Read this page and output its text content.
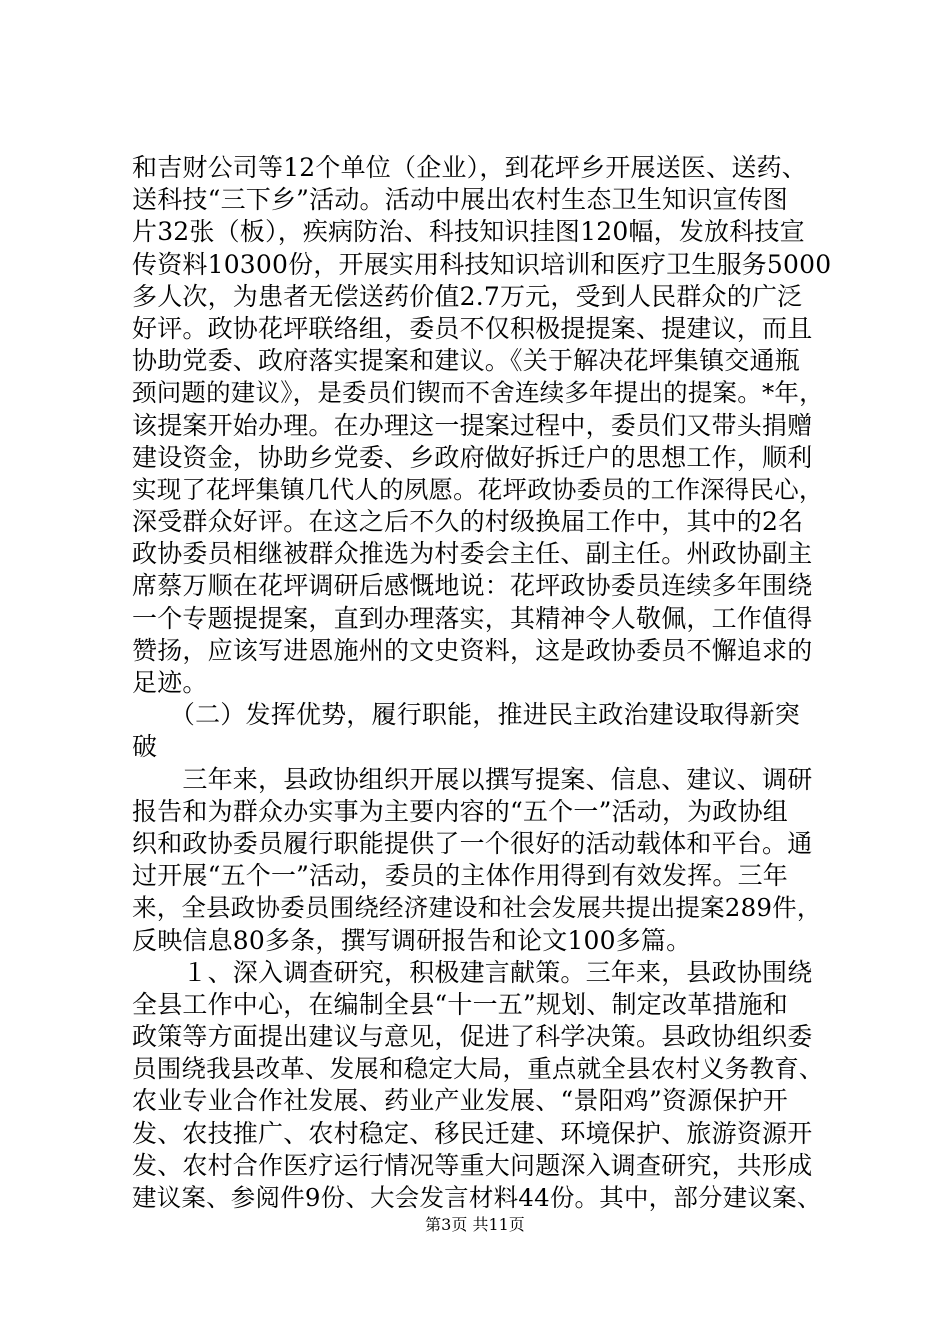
和吉财公司等12个单位（企业），到花坪乡开展送医、送药、
送科技“三下乡”活动。活动中展出农村生态卫生知识宣传图
片32张（板），疾病防治、科技知识挂图120幅，发放科技宣
传资料10300份，开展实用科技知识培训和医疗卫生服务5000
多人次，为患者无偿送药价值2.7万元，受到人民群众的广泛
好评。政协花坪联络组，委员不仅积极提提案、提建议，而且
协助党委、政府落实提案和建议。《关于解决花坪集镇交通瓶
颈问题的建议》，是委员们锲而不舍连续多年提出的提案。*年，
该提案开始办理。在办理这一提案过程中，委员们又带头捐赠
建设资金，协助乡党委、乡政府做好拆迁户的思想工作，顺利
实现了花坪集镇几代人的夙愿。花坪政协委员的工作深得民心，
深受群众好评。在这之后不久的村级换届工作中，其中的2名
政协委员相继被群众推选为村委会主任、副主任。州政协副主
席蔡万顺在花坪调研后感慨地说：花坪政协委员连续多年围绕
一个专题提提案，直到办理落实，其精神令人敬佩，工作值得
赞扬，应该写进恩施州的文史资料，这是政协委员不懈追求的
足迹。
　　（二）发挥优势，履行职能，推进民主政治建设取得新突
破
　　三年来，县政协组织开展以撰写提案、信息、建议、调研
报告和为群众办实事为主要内容的“五个一”活动，为政协组
织和政协委员履行职能提供了一个很好的活动载体和平台。通
过开展“五个一”活动，委员的主体作用得到有效发挥。三年
来，全县政协委员围绕经济建设和社会发展共提出提案289件，
反映信息80多条，撰写调研报告和论文100多篇。
　　１、深入调查研究，积极建言献策。三年来，县政协围绕
全县工作中心，在编制全县“十一五”规划、制定改革措施和
政策等方面提出建议与意见，促进了科学决策。县政协组织委
员围绕我县改革、发展和稳定大局，重点就全县农村义务教育、
农业专业合作社发展、药业产业发展、“景阳鸡”资源保护开
发、农技推广、农村稳定、移民迁建、环境保护、旅游资源开
发、农村合作医疗运行情况等重大问题深入调查研究，共形成
建议案、参阅件9份、大会发言材料44份。其中，部分建议案、
第3页 共11页
